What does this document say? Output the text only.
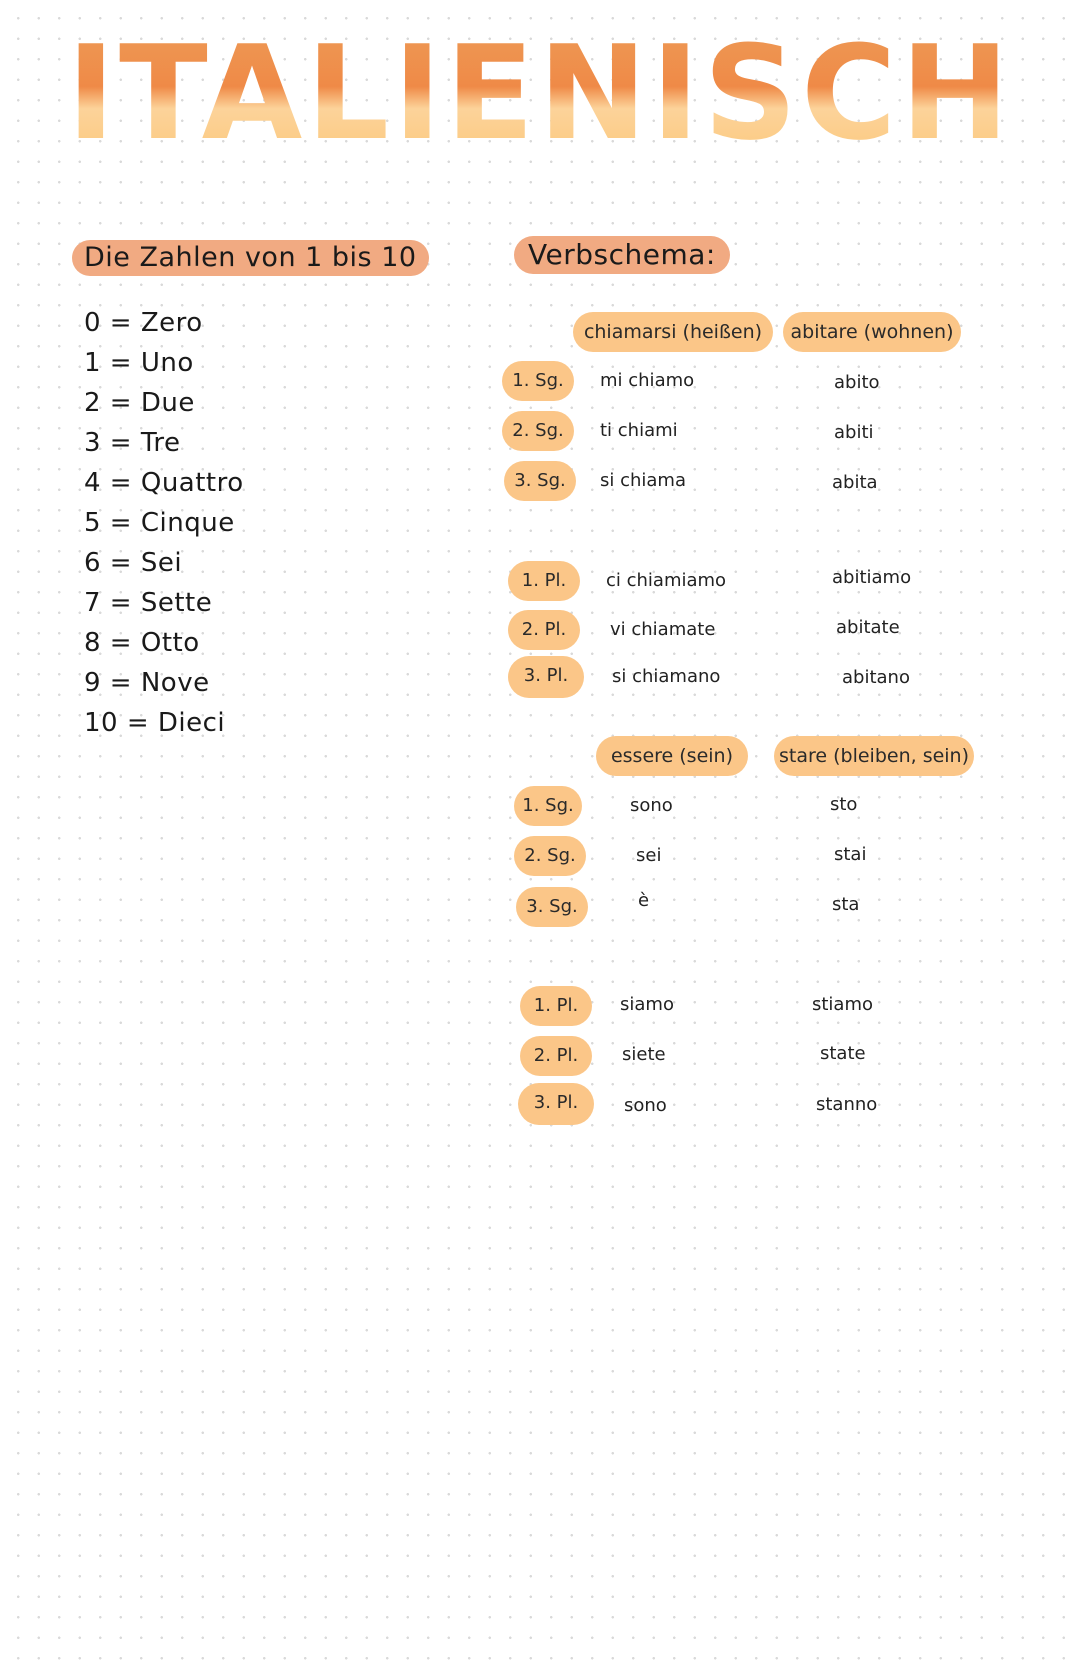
ITALIENISCH
Die Zahlen von 1 bis 10
0 = Zero
1 = Uno
2 = Due
3 = Tre
4 = Quattro
5 = Cinque
6 = Sei
7 = Sette
8 = Otto
9 = Nove
10 = Dieci
Verbschema:
chiamarsi (heißen)	abitare (wohnen)
1. Sg.	mi chiamo	abito
2. Sg.	ti chiami	abiti
3. Sg.	si chiama	abita
1. Pl.	ci chiamiamo	abitiamo
2. Pl.	vi chiamate	abitate
3. Pl.	si chiamano	abitano
essere (sein)	stare (bleiben, sein)
1. Sg.	sono	sto
2. Sg.	sei	stai
3. Sg.	è	sta
1. Pl.	siamo	stiamo
2. Pl.	siete	state
3. Pl.	sono	stanno
